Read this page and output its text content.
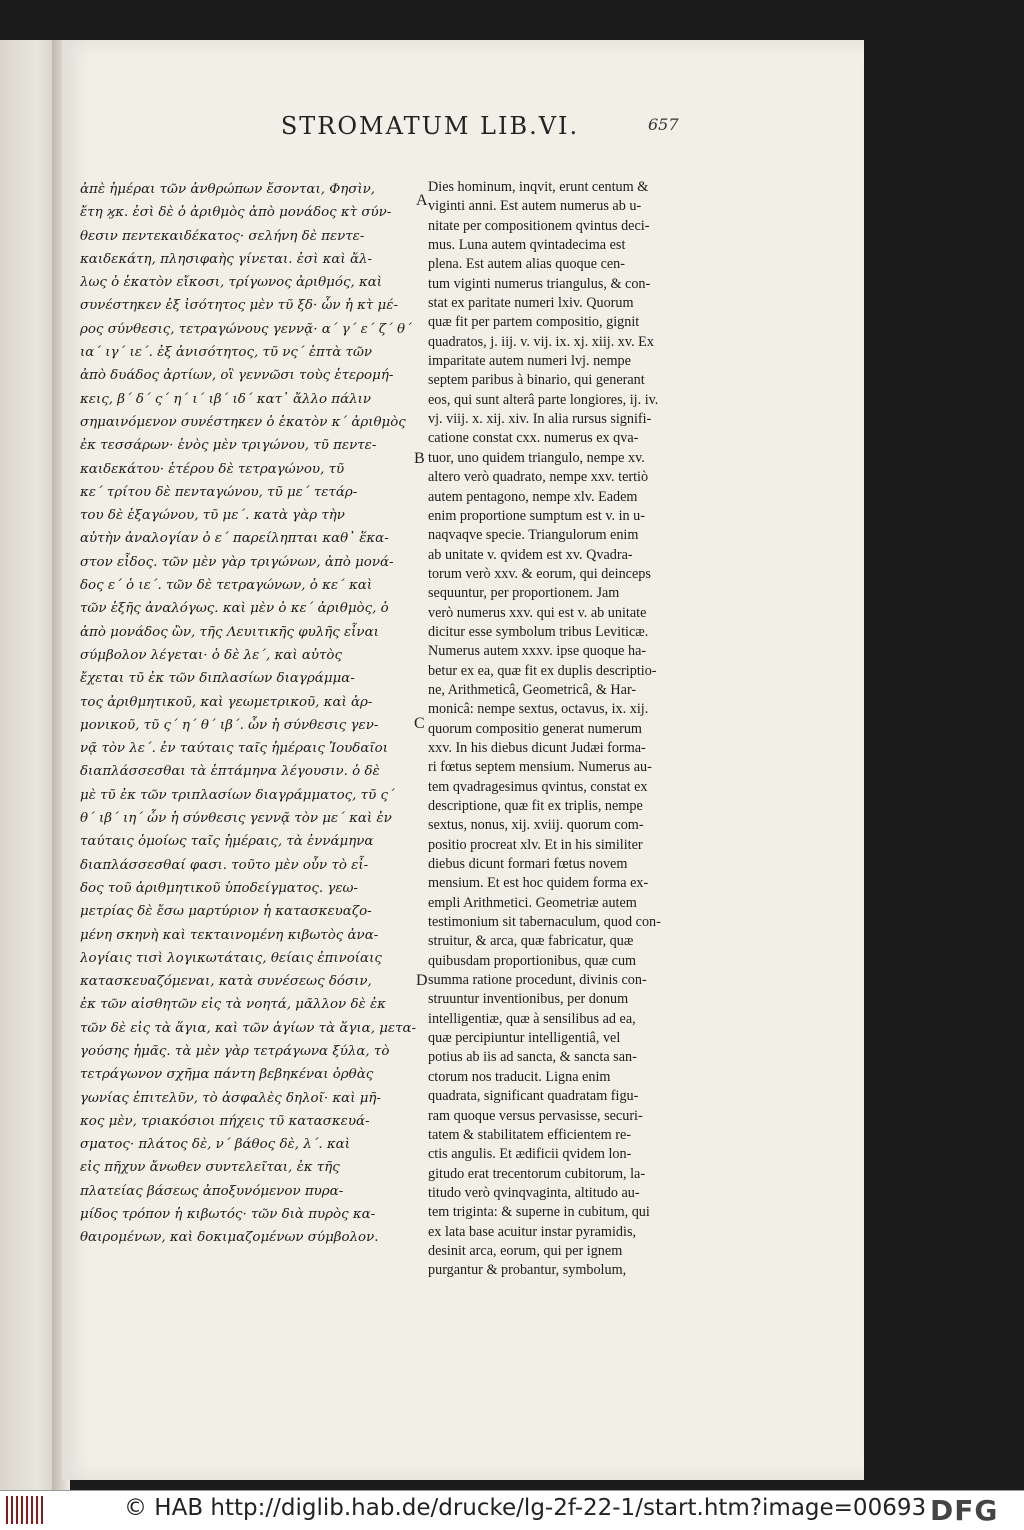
STROMATUM LIB.VI.	657
A
B
C
D
ἀπὲ ἡμέραι τῶν ἀνθρώπων ἔσονται, Φησὶν,
ἔτη ϗκ. ἐσὶ δὲ ὁ ἀριθμὸς ἀπὸ μονάδος κτ̀ σύν-
θεσιν πεντεκαιδέκατος· σελήνη δὲ πεντε-
καιδεκάτη, πλησιφαὴς γίνεται. ἐσὶ καὶ ἄλ-
λως ὁ ἑκατὸν εἴκοσι, τρίγωνος ἀριθμός, καὶ
συνέστηκεν ἐξ ἰσότητος μὲν τῦ ξδ· ὧν ἡ κτ̀ μέ-
ρος σύνθεσις, τετραγώνους γεννᾷ· α΄ γ΄ ε΄ ζ΄ θ΄
ια΄ ιγ΄ ιε΄. ἐξ ἀνισότητος, τῦ νς΄ ἑπτὰ τῶν
ἀπὸ δυάδος ἀρτίων, οἳ γεννῶσι τοὺς ἑτερομή-
κεις, β΄ δ΄ ς΄ η΄ ι΄ ιβ΄ ιδ΄ κατ᾽ ἄλλο πάλιν
σημαινόμενον συνέστηκεν ὁ ἑκατὸν κ΄ ἀριθμὸς
ἐκ τεσσάρων· ἑνὸς μὲν τριγώνου, τῦ πεντε-
καιδεκάτου· ἑτέρου δὲ τετραγώνου, τῦ
κε΄ τρίτου δὲ πενταγώνου, τῦ με΄ τετάρ-
του δὲ ἑξαγώνου, τῦ με΄. κατὰ γὰρ τὴν
αὐτὴν ἀναλογίαν ὁ ε΄ παρείληπται καθ᾽ ἕκα-
στον εἶδος. τῶν μὲν γὰρ τριγώνων, ἀπὸ μονά-
δος ε΄ ὁ ιε΄. τῶν δὲ τετραγώνων, ὁ κε΄ καὶ
τῶν ἑξῆς ἀναλόγως. καὶ μὲν ὁ κε΄ ἀριθμὸς, ὁ
ἀπὸ μονάδος ὢν, τῆς Λευιτικῆς φυλῆς εἶναι
σύμβολον λέγεται· ὁ δὲ λε΄, καὶ αὐτὸς
ἔχεται τῦ ἐκ τῶν διπλασίων διαγράμμα-
τος ἀριθμητικοῦ, καὶ γεωμετρικοῦ, καὶ ἁρ-
μονικοῦ, τῦ ς΄ η΄ θ΄ ιβ΄. ὧν ἡ σύνθεσις γεν-
νᾷ τὸν λε΄. ἐν ταύταις ταῖς ἡμέραις Ἰουδαῖοι
διαπλάσσεσθαι τὰ ἑπτάμηνα λέγουσιν. ὁ δὲ
μὲ τῦ ἐκ τῶν τριπλασίων διαγράμματος, τῦ ς΄
θ΄ ιβ΄ ιη΄ ὧν ἡ σύνθεσις γεννᾷ τὸν με΄ καὶ ἐν
ταύταις ὁμοίως ταῖς ἡμέραις, τὰ ἐννάμηνα
διαπλάσσεσθαί φασι. τοῦτο μὲν οὖν τὸ εἶ-
δος τοῦ ἀριθμητικοῦ ὑποδείγματος. γεω-
μετρίας δὲ ἔσω μαρτύριον ἡ κατασκευαζο-
μένη σκηνὴ καὶ τεκταινομένη κιβωτὸς ἀνα-
λογίαις τισὶ λογικωτάταις, θείαις ἐπινοίαις
κατασκευαζόμεναι, κατὰ συνέσεως δόσιν,
ἐκ τῶν αἰσθητῶν εἰς τὰ νοητά, μᾶλλον δὲ ἐκ
τῶν δὲ εἰς τὰ ἅγια, καὶ τῶν ἁγίων τὰ ἅγια, μετα-
γούσης ἡμᾶς. τὰ μὲν γὰρ τετράγωνα ξύλα, τὸ
τετράγωνον σχῆμα πάντη βεβηκέναι ὀρθὰς
γωνίας ἐπιτελῦν, τὸ ἀσφαλὲς δηλοῖ· καὶ μῆ-
κος μὲν, τριακόσιοι πήχεις τῦ κατασκευά-
σματος· πλάτος δὲ, ν΄ βάθος δὲ, λ΄. καὶ
εἰς πῆχυν ἄνωθεν συντελεῖται, ἐκ τῆς
πλατείας βάσεως ἀποξυνόμενον πυρα-
μίδος τρόπον ἡ κιβωτός· τῶν διὰ πυρὸς κα-
θαιρομένων, καὶ δοκιμαζομένων σύμβολον.
Dies hominum, inqvit, erunt centum &
viginti anni. Est autem numerus ab u-
nitate per compositionem qvintus deci-
mus. Luna autem qvintadecima est
plena. Est autem alias quoque cen-
tum viginti numerus triangulus, & con-
stat ex paritate numeri lxiv. Quorum
quæ fit per partem compositio, gignit
quadratos, j. iij. v. vij. ix. xj. xiij. xv. Ex
imparitate autem numeri lvj. nempe
septem paribus à binario, qui generant
eos, qui sunt alterâ parte longiores, ij. iv.
vj. viij. x. xij. xiv. In alia rursus signifi-
catione constat cxx. numerus ex qva-
tuor, uno quidem triangulo, nempe xv.
altero verò quadrato, nempe xxv. tertiò
autem pentagono, nempe xlv. Eadem
enim proportione sumptum est v. in u-
naqvaqve specie. Triangulorum enim
ab unitate v. qvidem est xv. Qvadra-
torum verò xxv. & eorum, qui deinceps
sequuntur, per proportionem. Jam
verò numerus xxv. qui est v. ab unitate
dicitur esse symbolum tribus Leviticæ.
Numerus autem xxxv. ipse quoque ha-
betur ex ea, quæ fit ex duplis descriptio-
ne, Arithmeticâ, Geometricâ, & Har-
monicâ: nempe sextus, octavus, ix. xij.
quorum compositio generat numerum
xxv. In his diebus dicunt Judæi forma-
ri fœtus septem mensium. Numerus au-
tem qvadragesimus qvintus, constat ex
descriptione, quæ fit ex triplis, nempe
sextus, nonus, xij. xviij. quorum com-
positio procreat xlv. Et in his similiter
diebus dicunt formari fœtus novem
mensium. Et est hoc quidem forma ex-
empli Arithmetici. Geometriæ autem
testimonium sit tabernaculum, quod con-
struitur, & arca, quæ fabricatur, quæ
quibusdam proportionibus, quæ cum
summa ratione procedunt, divinis con-
struuntur inventionibus, per donum
intelligentiæ, quæ à sensilibus ad ea,
quæ percipiuntur intelligentiâ, vel
potius ab iis ad sancta, & sancta san-
ctorum nos traducit. Ligna enim
quadrata, significant quadratam figu-
ram quoque versus pervasisse, securi-
tatem & stabilitatem efficientem re-
ctis angulis. Et ædificii qvidem lon-
gitudo erat trecentorum cubitorum, la-
titudo verò qvinqvaginta, altitudo au-
tem triginta: & superne in cubitum, qui
ex lata base acuitur instar pyramidis,
desinit arca, eorum, qui per ignem
purgantur & probantur, symbolum,
© HAB http://diglib.hab.de/drucke/lg-2f-22-1/start.htm?image=00693 DFG
